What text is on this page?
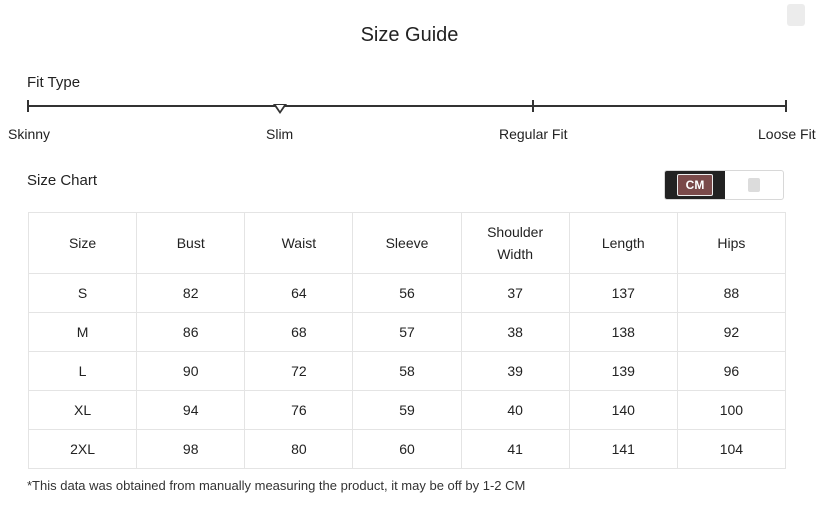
Size Guide
Fit Type
Skinny	Slim	Regular Fit	Loose Fit
Size Chart	CM
Size	Bust	Waist	Sleeve	Shoulder Width	Length	Hips
S	82	64	56	37	137	88
M	86	68	57	38	138	92
L	90	72	58	39	139	96
XL	94	76	59	40	140	100
2XL	98	80	60	41	141	104
*This data was obtained from manually measuring the product, it may be off by 1-2 CM
